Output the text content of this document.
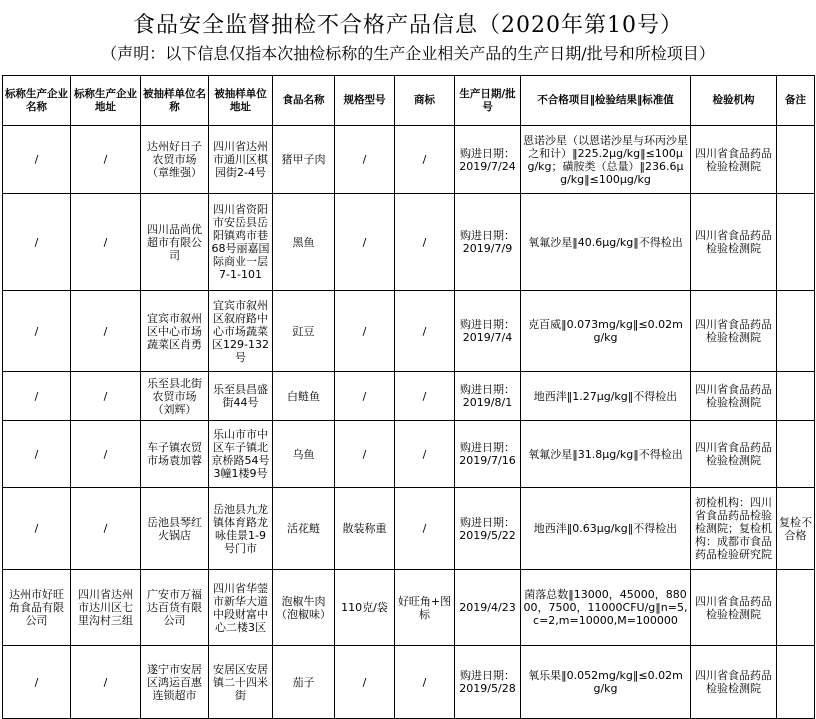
食品安全监督抽检不合格产品信息（2020年第10号）
（声明：以下信息仅指本次抽检标称的生产企业相关产品的生产日期/批号和所检项目）
标称生产企业名称	标称生产企业地址	被抽样单位名称	被抽样单位地址	食品名称	规格型号	商标	生产日期/批号	不合格项目‖检验结果‖标准值	检验机构	备注

/	/	达州好日子农贸市场（章维强）	四川省达州市通川区棋园街2-4号	猪甲子肉	/	/	购进日期：2019/7/24	恩诺沙星（以恩诺沙星与环丙沙星之和计）‖225.2μg/kg‖≤100μg/kg；磺胺类（总量）‖236.6μg/kg‖≤100μg/kg	四川省食品药品检验检测院	

/	/	四川品尚优超市有限公司	四川省资阳市安岳县岳阳镇鸡市巷68号丽嘉国际商业一层7-1-101	黑鱼	/	/	购进日期：2019/7/9	氧氟沙星‖40.6μg/kg‖不得检出	四川省食品药品检验检测院	

/	/	宜宾市叙州区中心市场蔬菜区肖勇	宜宾市叙州区叙府路中心市场蔬菜区129-132号	豇豆	/	/	购进日期：2019/7/4	克百威‖0.073mg/kg‖≤0.02mg/kg	四川省食品药品检验检测院	

/	/	乐至县北街农贸市场（刘辉）	乐至县昌盛街44号	白鲢鱼	/	/	购进日期：2019/8/1	地西泮‖1.27μg/kg‖不得检出	四川省食品药品检验检测院	

/	/	车子镇农贸市场袁加蓉	乐山市市中区车子镇北京桥路54号3幢1楼9号	乌鱼	/	/	购进日期：2019/7/16	氧氟沙星‖31.8μg/kg‖不得检出	四川省食品药品检验检测院	

/	/	岳池县琴红火锅店	岳池县九龙镇体育路龙咏佳景1-9号门市	活花鲢	散装称重	/	购进日期：2019/5/22	地西泮‖0.63μg/kg‖不得检出	初检机构：四川省食品药品检验检测院；复检机构：成都市食品药品检验研究院	复检不合格

达州市好旺角食品有限公司	四川省达州市达川区七里沟村三组	广安市万福达百货有限公司	四川省华蓥市新华大道中段财富中心二楼3区	泡椒牛肉（泡椒味）	110克/袋	好旺角+图标	2019/4/23	菌落总数‖13000，45000，88000，7500，11000CFU/g‖n=5,c=2,m=10000,M=100000	四川省食品药品检验检测院	

/	/	遂宁市安居区鸿运百惠连锁超市	安居区安居镇二十四米街	茄子	/	/	购进日期：2019/5/28	氧乐果‖0.052mg/kg‖≤0.02mg/kg	四川省食品药品检验检测院	
